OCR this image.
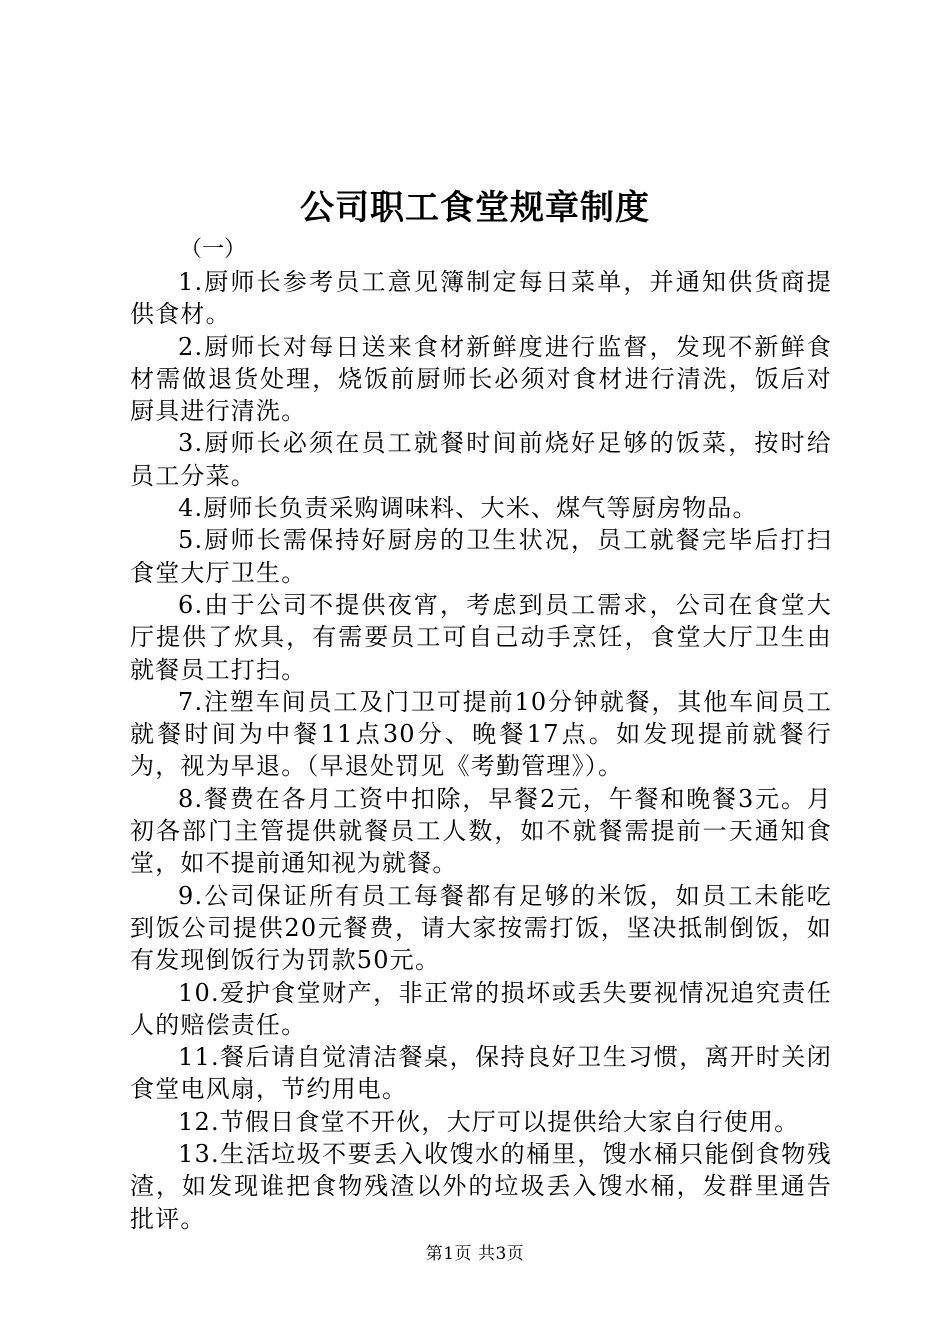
公司职工食堂规章制度
（一）

1.厨师长参考员工意见簿制定每日菜单，并通知供货商提供食材。

2.厨师长对每日送来食材新鲜度进行监督，发现不新鲜食材需做退货处理，烧饭前厨师长必须对食材进行清洗，饭后对厨具进行清洗。

3.厨师长必须在员工就餐时间前烧好足够的饭菜，按时给员工分菜。

4.厨师长负责采购调味料、大米、煤气等厨房物品。

5.厨师长需保持好厨房的卫生状况，员工就餐完毕后打扫食堂大厅卫生。

6.由于公司不提供夜宵，考虑到员工需求，公司在食堂大厅提供了炊具，有需要员工可自己动手烹饪，食堂大厅卫生由就餐员工打扫。

7.注塑车间员工及门卫可提前10分钟就餐，其他车间员工就餐时间为中餐11点30分、晚餐17点。如发现提前就餐行为，视为早退。（早退处罚见《考勤管理》）。

8.餐费在各月工资中扣除，早餐2元，午餐和晚餐3元。月初各部门主管提供就餐员工人数，如不就餐需提前一天通知食堂，如不提前通知视为就餐。

9.公司保证所有员工每餐都有足够的米饭，如员工未能吃到饭公司提供20元餐费，请大家按需打饭，坚决抵制倒饭，如有发现倒饭行为罚款50元。

10.爱护食堂财产，非正常的损坏或丢失要视情况追究责任人的赔偿责任。

11.餐后请自觉清洁餐桌，保持良好卫生习惯，离开时关闭食堂电风扇，节约用电。

12.节假日食堂不开伙，大厅可以提供给大家自行使用。

13.生活垃圾不要丢入收馊水的桶里，馊水桶只能倒食物残渣，如发现谁把食物残渣以外的垃圾丢入馊水桶，发群里通告批评。

第1页 共3页
